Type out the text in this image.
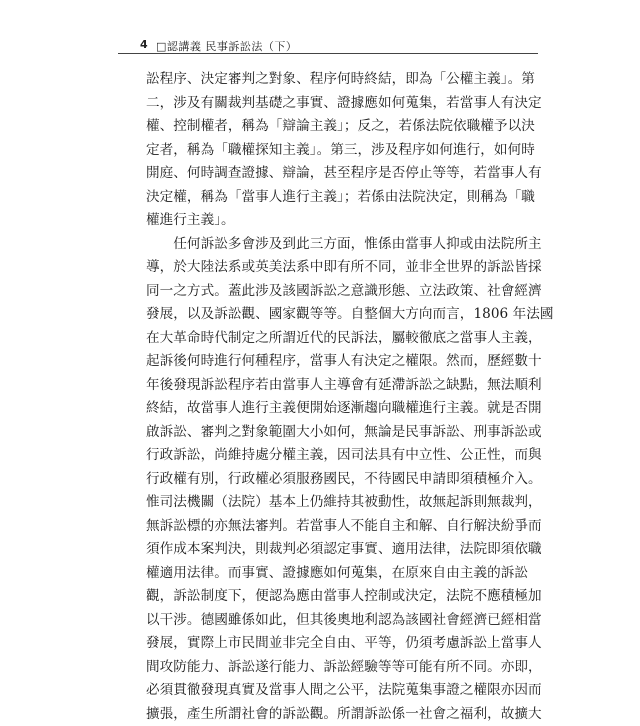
4 □認講義 民事訴訟法（下）
訟程序、決定審判之對象、程序何時終結，即為「公權主義」。第
二，涉及有關裁判基礎之事實、證據應如何蒐集，若當事人有決定
權、控制權者，稱為「辯論主義」；反之，若係法院依職權予以決
定者，稱為「職權探知主義」。第三，涉及程序如何進行，如何時
開庭、何時調查證據、辯論，甚至程序是否停止等等，若當事人有
決定權，稱為「當事人進行主義」；若係由法院決定，則稱為「職
權進行主義」。
　　任何訴訟多會涉及到此三方面，惟係由當事人抑或由法院所主
導，於大陸法系或英美法系中即有所不同，並非全世界的訴訟皆採
同一之方式。蓋此涉及該國訴訟之意識形態、立法政策、社會經濟
發展，以及訴訟觀、國家觀等等。自整個大方向而言，1806 年法國
在大革命時代制定之所謂近代的民訴法，屬較徹底之當事人主義，
起訴後何時進行何種程序，當事人有決定之權限。然而，歷經數十
年後發現訴訟程序若由當事人主導會有延滯訴訟之缺點，無法順利
終結，故當事人進行主義便開始逐漸趨向職權進行主義。就是否開
啟訴訟、審判之對象範圍大小如何，無論是民事訴訟、刑事訴訟或
行政訴訟，尚維持處分權主義，因司法具有中立性、公正性，而與
行政權有別，行政權必須服務國民，不待國民申請即須積極介入。
惟司法機關（法院）基本上仍維持其被動性，故無起訴則無裁判，
無訴訟標的亦無法審判。若當事人不能自主和解、自行解決紛爭而
須作成本案判決，則裁判必須認定事實、適用法律，法院即須依職
權適用法律。而事實、證據應如何蒐集，在原來自由主義的訴訟
觀，訴訟制度下，便認為應由當事人控制或決定，法院不應積極加
以干涉。德國雖係如此，但其後奧地利認為該國社會經濟已經相當
發展，實際上市民間並非完全自由、平等，仍須考慮訴訟上當事人
間攻防能力、訴訟遂行能力、訴訟經驗等等可能有所不同。亦即，
必須貫徹發現真實及當事人間之公平，法院蒐集事證之權限亦因而
擴張，產生所謂社會的訴訟觀。所謂訴訟係一社會之福利，故擴大
